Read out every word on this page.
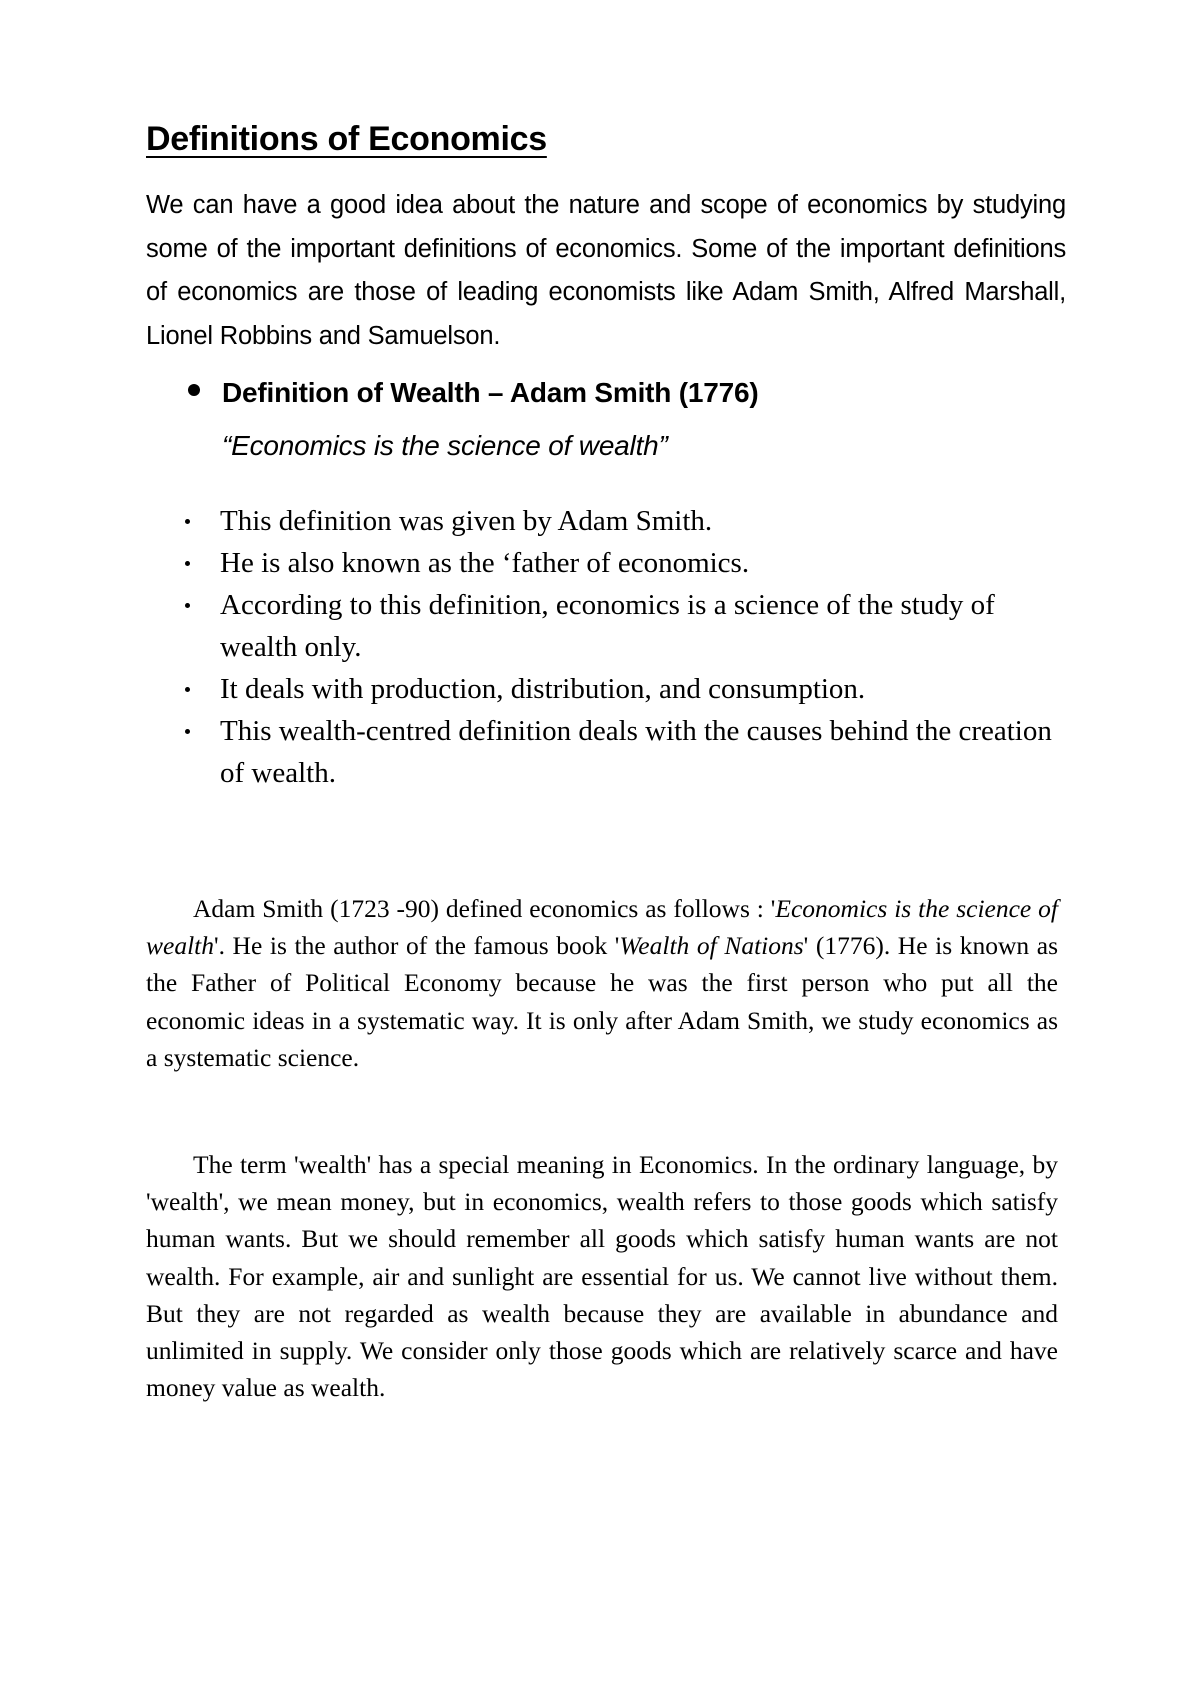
Definitions of Economics

We can have a good idea about the nature and scope of economics by studying some of the important definitions of economics. Some of the important definitions of economics are those of leading economists like Adam Smith, Alfred Marshall, Lionel Robbins and Samuelson.

Definition of Wealth – Adam Smith (1776)
“Economics is the science of wealth”
This definition was given by Adam Smith.
He is also known as the ‘father of economics.
According to this definition, economics is a science of the study of wealth only.
It deals with production, distribution, and consumption.
This wealth-centred definition deals with the causes behind the creation of wealth.

Adam Smith (1723 -90) defined economics as follows : 'Economics is the science of wealth'. He is the author of the famous book 'Wealth of Nations' (1776). He is known as the Father of Political Economy because he was the first person who put all the economic ideas in a systematic way. It is only after Adam Smith, we study economics as a systematic science.

The term 'wealth' has a special meaning in Economics. In the ordinary language, by 'wealth', we mean money, but in economics, wealth refers to those goods which satisfy human wants. But we should remember all goods which satisfy human wants are not wealth. For example, air and sunlight are essential for us. We cannot live without them. But they are not regarded as wealth because they are available in abundance and unlimited in supply. We consider only those goods which are relatively scarce and have money value as wealth.
